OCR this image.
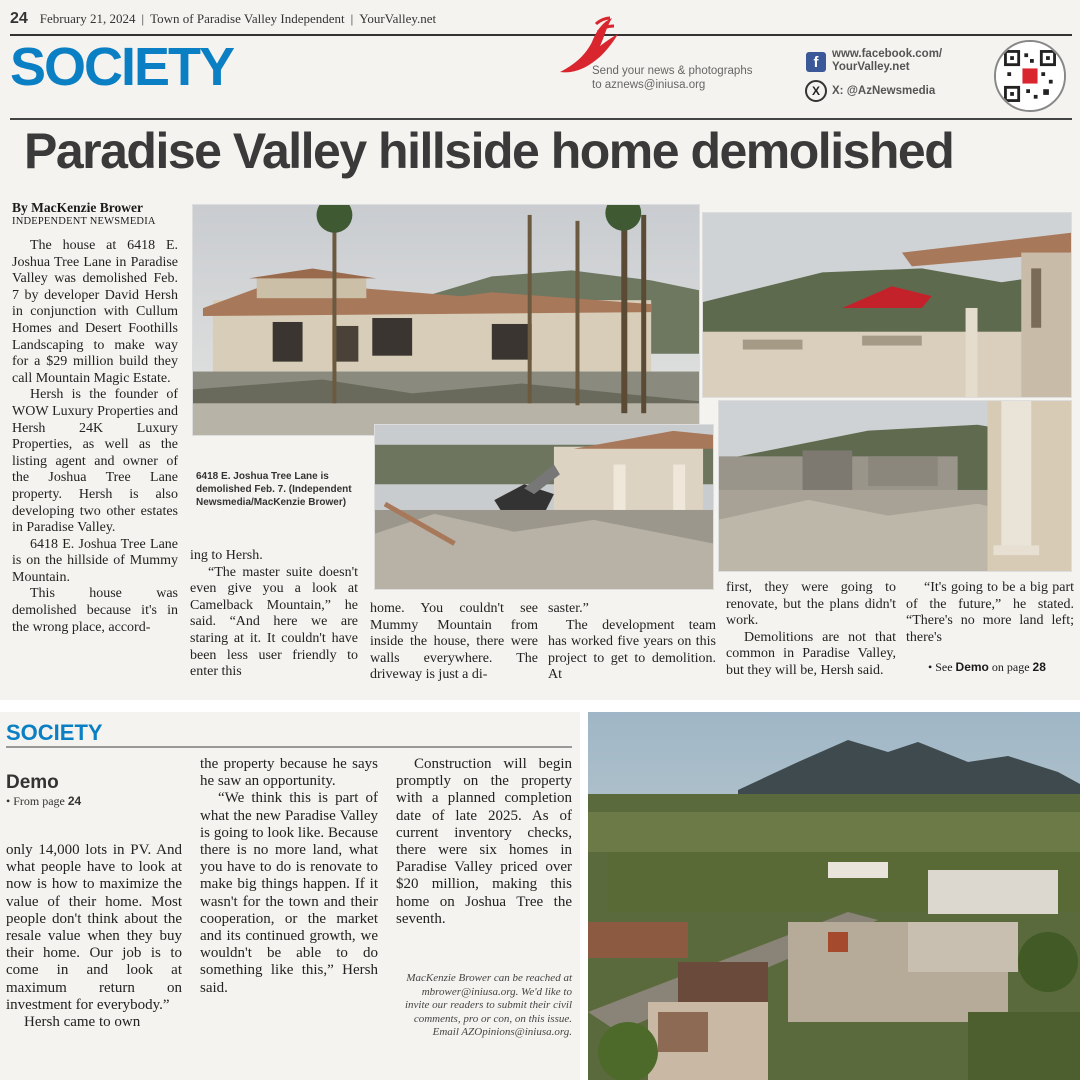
24 February 21, 2024 | Town of Paradise Valley Independent | YourValley.net
SOCIETY	Send your news & photographs
to aznews@iniusa.org
f	www.facebook.com/
YourValley.net
X	X: @AzNewsmedia
Paradise Valley hillside home demolished
By MacKenzie Brower
INDEPENDENT NEWSMEDIA

The house at 6418 E. Joshua Tree Lane in Paradise Valley was demolished Feb. 7 by developer David Hersh in conjunction with Cullum Homes and Desert Foothills Landscaping to make way for a $29 million build they call Mountain Magic Estate.

Hersh is the founder of WOW Luxury Properties and Hersh 24K Luxury Properties, as well as the listing agent and owner of the Joshua Tree Lane property. Hersh is also developing two other estates in Paradise Valley.

6418 E. Joshua Tree Lane is on the hillside of Mummy Mountain.

This house was demolished because it's in the wrong place, accord-

6418 E. Joshua Tree Lane is demolished Feb. 7. (Independent Newsmedia/MacKenzie Brower)

ing to Hersh.

“The master suite doesn't even give you a look at Camelback Mountain,” he said. “And here we are staring at it. It couldn't have been less user friendly to enter this

home. You couldn't see Mummy Mountain from inside the house, there were walls everywhere. The driveway is just a di-

saster.”

The development team has worked five years on this project to get to demolition. At

first, they were going to renovate, but the plans didn't work.

Demolitions are not that common in Paradise Valley, but they will be, Hersh said.

“It's going to be a big part of the future,” he stated. “There's no more land left; there's

• See Demo on page 28
SOCIETY
Demo
• From page 24

only 14,000 lots in PV. And what people have to look at now is how to maximize the value of their home. Most people don't think about the resale value when they buy their home. Our job is to come in and look at maximum return on investment for everybody.”

Hersh came to own

the property because he says he saw an opportunity.

“We think this is part of what the new Paradise Valley is going to look like. Because there is no more land, what you have to do is renovate to make big things happen. If it wasn't for the town and their cooperation, or the market and its continued growth, we wouldn't be able to do something like this,” Hersh said.

Construction will begin promptly on the property with a planned completion date of late 2025. As of current inventory checks, there were six homes in Paradise Valley priced over $20 million, making this home on Joshua Tree the seventh.

MacKenzie Brower can be reached at mbrower@iniusa.org. We'd like to invite our readers to submit their civil comments, pro or con, on this issue. Email AZOpinions@iniusa.org.
